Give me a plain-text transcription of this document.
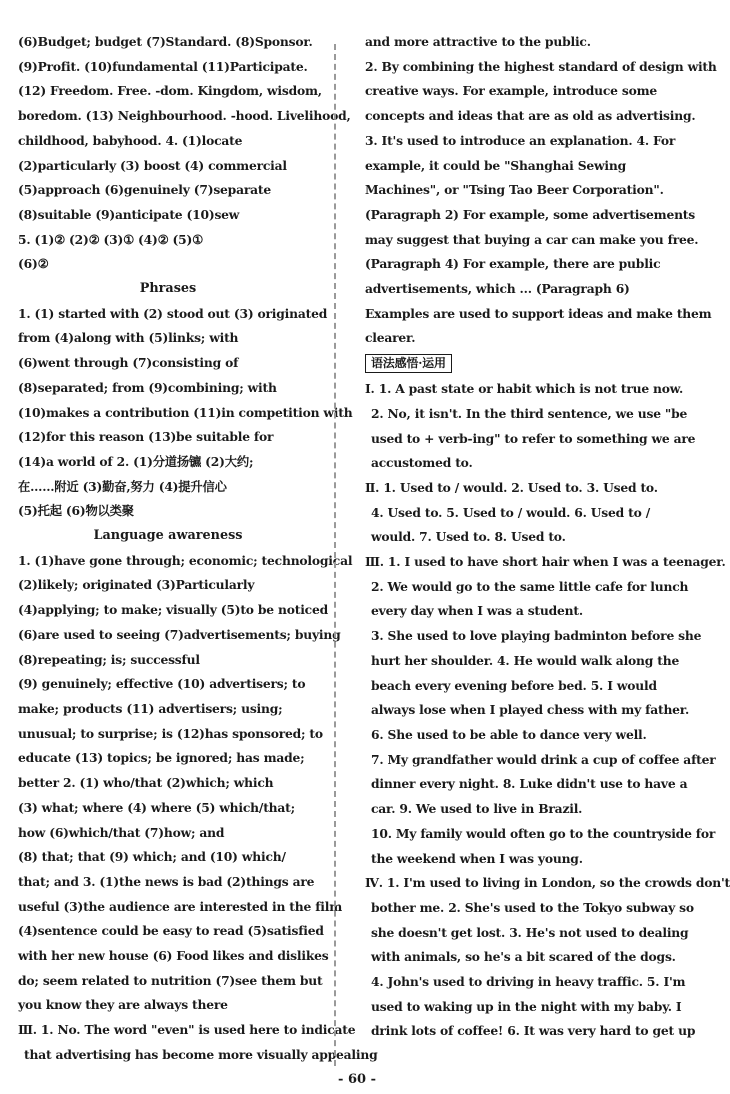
(6)Budget; budget (7)Standard. (8)Sponsor.
(9)Profit. (10)fundamental (11)Participate.
(12) Freedom. Free. -dom. Kingdom, wisdom,
boredom. (13) Neighbourhood. -hood. Livelihood,
childhood, babyhood. 4. (1)locate
(2)particularly (3) boost (4) commercial
(5)approach (6)genuinely (7)separate
(8)suitable (9)anticipate (10)sew
5. (1)② (2)② (3)① (4)② (5)①
(6)②
Phrases
1. (1) started with (2) stood out (3) originated
from (4)along with (5)links; with
(6)went through (7)consisting of
(8)separated; from (9)combining; with
(10)makes a contribution (11)in competition with
(12)for this reason (13)be suitable for
(14)a world of 2. (1)分道扬镳 (2)大约;
在……附近 (3)勤奋,努力 (4)提升信心
(5)托起 (6)物以类聚
Language awareness
1. (1)have gone through; economic; technological
(2)likely; originated (3)Particularly
(4)applying; to make; visually (5)to be noticed
(6)are used to seeing (7)advertisements; buying
(8)repeating; is; successful
(9) genuinely; effective (10) advertisers; to
make; products (11) advertisers; using;
unusual; to surprise; is (12)has sponsored; to
educate (13) topics; be ignored; has made;
better 2. (1) who/that (2)which; which
(3) what; where (4) where (5) which/that;
how (6)which/that (7)how; and
(8) that; that (9) which; and (10) which/
that; and 3. (1)the news is bad (2)things are
useful (3)the audience are interested in the film
(4)sentence could be easy to read (5)satisfied
with her new house (6) Food likes and dislikes
do; seem related to nutrition (7)see them but
you know they are always there
Ⅲ. 1. No. The word "even" is used here to indicate
that advertising has become more visually appealing
and more attractive to the public.
2. By combining the highest standard of design with
creative ways. For example, introduce some
concepts and ideas that are as old as advertising.
3. It's used to introduce an explanation. 4. For
example, it could be "Shanghai Sewing
Machines", or "Tsing Tao Beer Corporation".
(Paragraph 2) For example, some advertisements
may suggest that buying a car can make you free.
(Paragraph 4) For example, there are public
advertisements, which ... (Paragraph 6)
Examples are used to support ideas and make them
clearer.
语法感悟·运用
Ⅰ. 1. A past state or habit which is not true now.
2. No, it isn't. In the third sentence, we use "be
used to + verb-ing" to refer to something we are
accustomed to.
Ⅱ. 1. Used to / would. 2. Used to. 3. Used to.
4. Used to. 5. Used to / would. 6. Used to /
would. 7. Used to. 8. Used to.
Ⅲ. 1. I used to have short hair when I was a teenager.
2. We would go to the same little cafe for lunch
every day when I was a student.
3. She used to love playing badminton before she
hurt her shoulder. 4. He would walk along the
beach every evening before bed. 5. I would
always lose when I played chess with my father.
6. She used to be able to dance very well.
7. My grandfather would drink a cup of coffee after
dinner every night. 8. Luke didn't use to have a
car. 9. We used to live in Brazil.
10. My family would often go to the countryside for
the weekend when I was young.
Ⅳ. 1. I'm used to living in London, so the crowds don't
bother me. 2. She's used to the Tokyo subway so
she doesn't get lost. 3. He's not used to dealing
with animals, so he's a bit scared of the dogs.
4. John's used to driving in heavy traffic. 5. I'm
used to waking up in the night with my baby. I
drink lots of coffee! 6. It was very hard to get up
- 60 -
